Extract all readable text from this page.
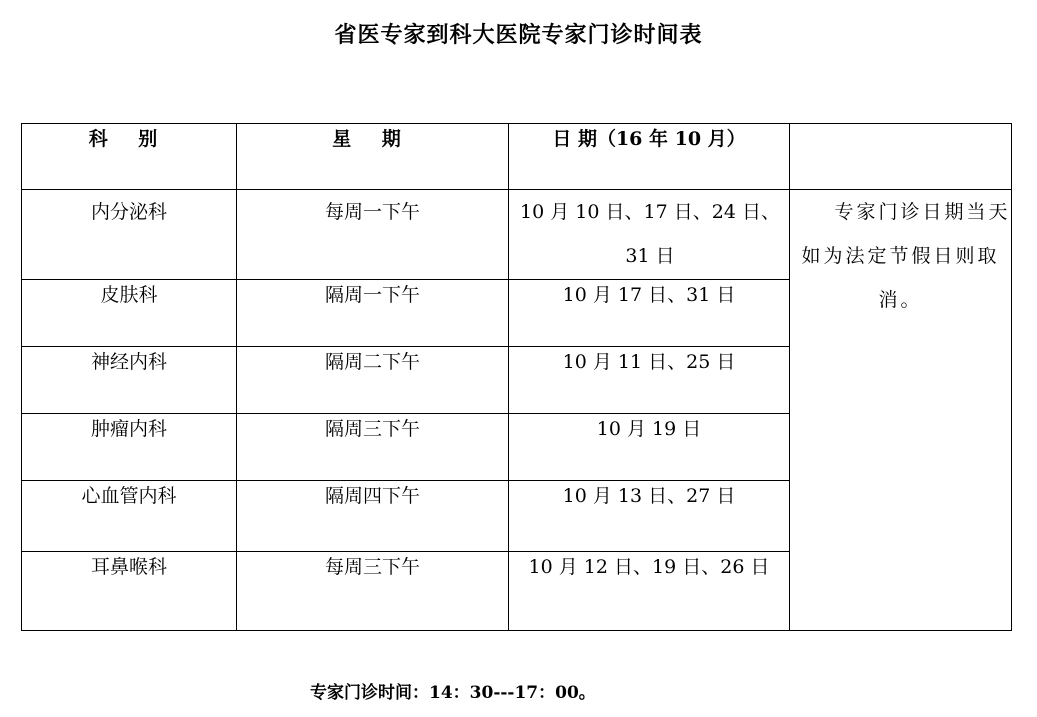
省医专家到科大医院专家门诊时间表
科 别	星 期	日 期（16 年 10 月）	
内分泌科	每周一下午	10 月 10 日、17 日、24 日、31 日	专家门诊日期当天如为法定节假日则取消。

皮肤科	隔周一下午	10 月 17 日、31 日	
神经内科	隔周二下午	10 月 11 日、25 日	
肿瘤内科	隔周三下午	10 月 19 日	
心血管内科	隔周四下午	10 月 13 日、27 日	
耳鼻喉科	每周三下午	10 月 12 日、19 日、26 日	
专家门诊时间：14：30---17：00。
